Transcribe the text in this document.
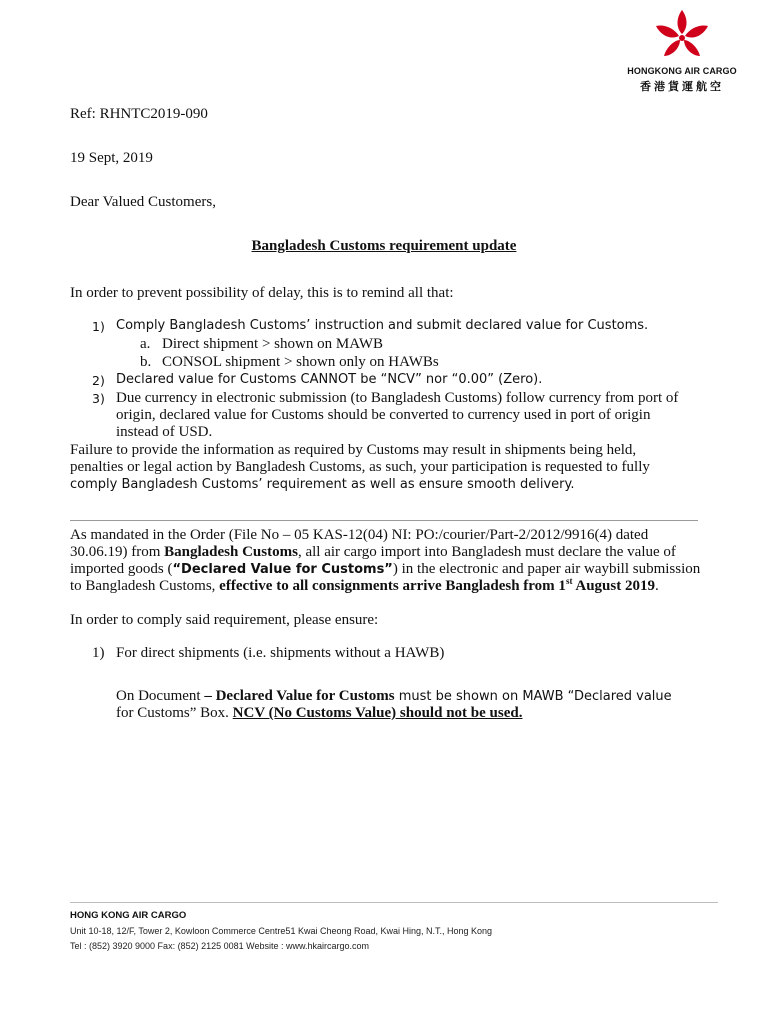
HONGKONG AIR CARGO
香港貨運航空
Ref: RHNTC2019-090
19 Sept, 2019
Dear Valued Customers,
Bangladesh Customs requirement update
In order to prevent possibility of delay, this is to remind all that:
1) Comply Bangladesh Customs’ instruction and submit declared value for Customs.
a. Direct shipment > shown on MAWB
b. CONSOL shipment > shown only on HAWBs
2) Declared value for Customs CANNOT be “NCV” nor “0.00” (Zero).
3) Due currency in electronic submission (to Bangladesh Customs) follow currency from port of
origin, declared value for Customs should be converted to currency used in port of origin
instead of USD.
Failure to provide the information as required by Customs may result in shipments being held,
penalties or legal action by Bangladesh Customs, as such, your participation is requested to fully
comply Bangladesh Customs’ requirement as well as ensure smooth delivery.
As mandated in the Order (File No – 05 KAS-12(04) NI: PO:/courier/Part-2/2012/9916(4) dated
30.06.19) from Bangladesh Customs, all air cargo import into Bangladesh must declare the value of
imported goods (“Declared Value for Customs”) in the electronic and paper air waybill submission
to Bangladesh Customs, effective to all consignments arrive Bangladesh from 1st August 2019.
In order to comply said requirement, please ensure:
1) For direct shipments (i.e. shipments without a HAWB)
On Document – Declared Value for Customs must be shown on MAWB “Declared value
for Customs” Box. NCV (No Customs Value) should not be used.
HONG KONG AIR CARGO
Unit 10-18, 12/F, Tower 2, Kowloon Commerce Centre51 Kwai Cheong Road, Kwai Hing, N.T., Hong Kong
Tel : (852) 3920 9000 Fax: (852) 2125 0081 Website : www.hkaircargo.com
